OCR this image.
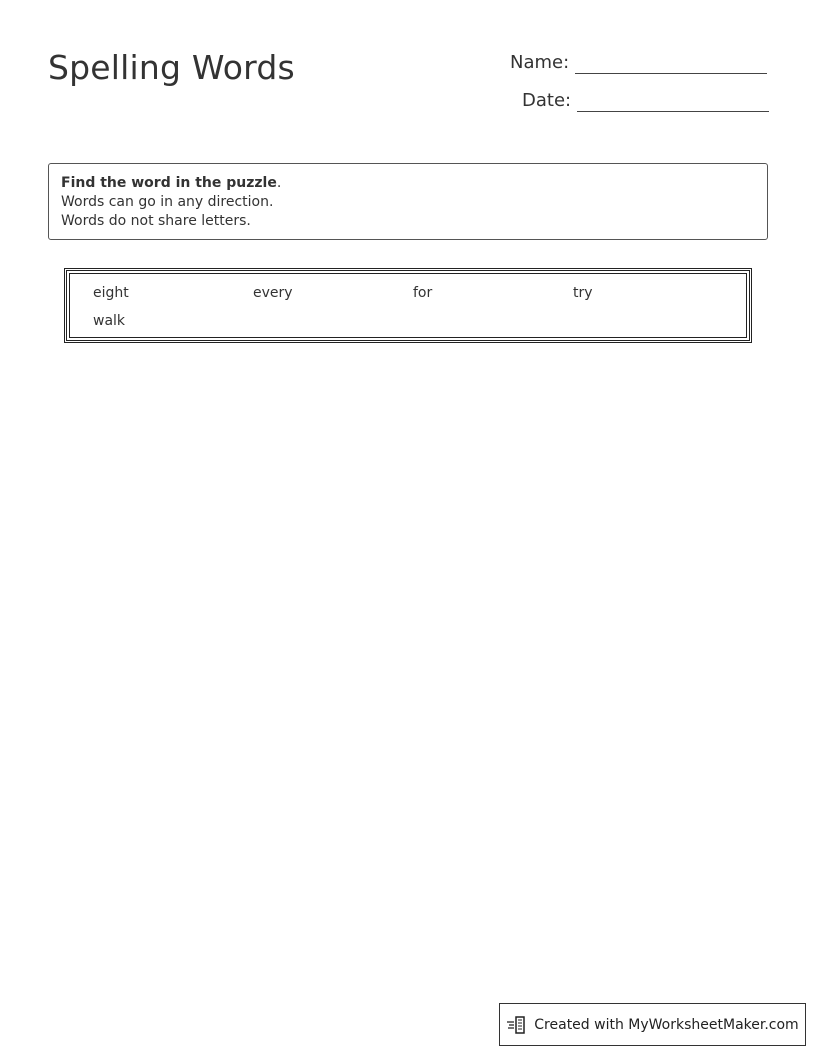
Spelling Words	Name:
Date:
Find the word in the puzzle.
Words can go in any direction.
Words do not share letters.
eight	every	for	try
walk
Created with MyWorksheetMaker.com
